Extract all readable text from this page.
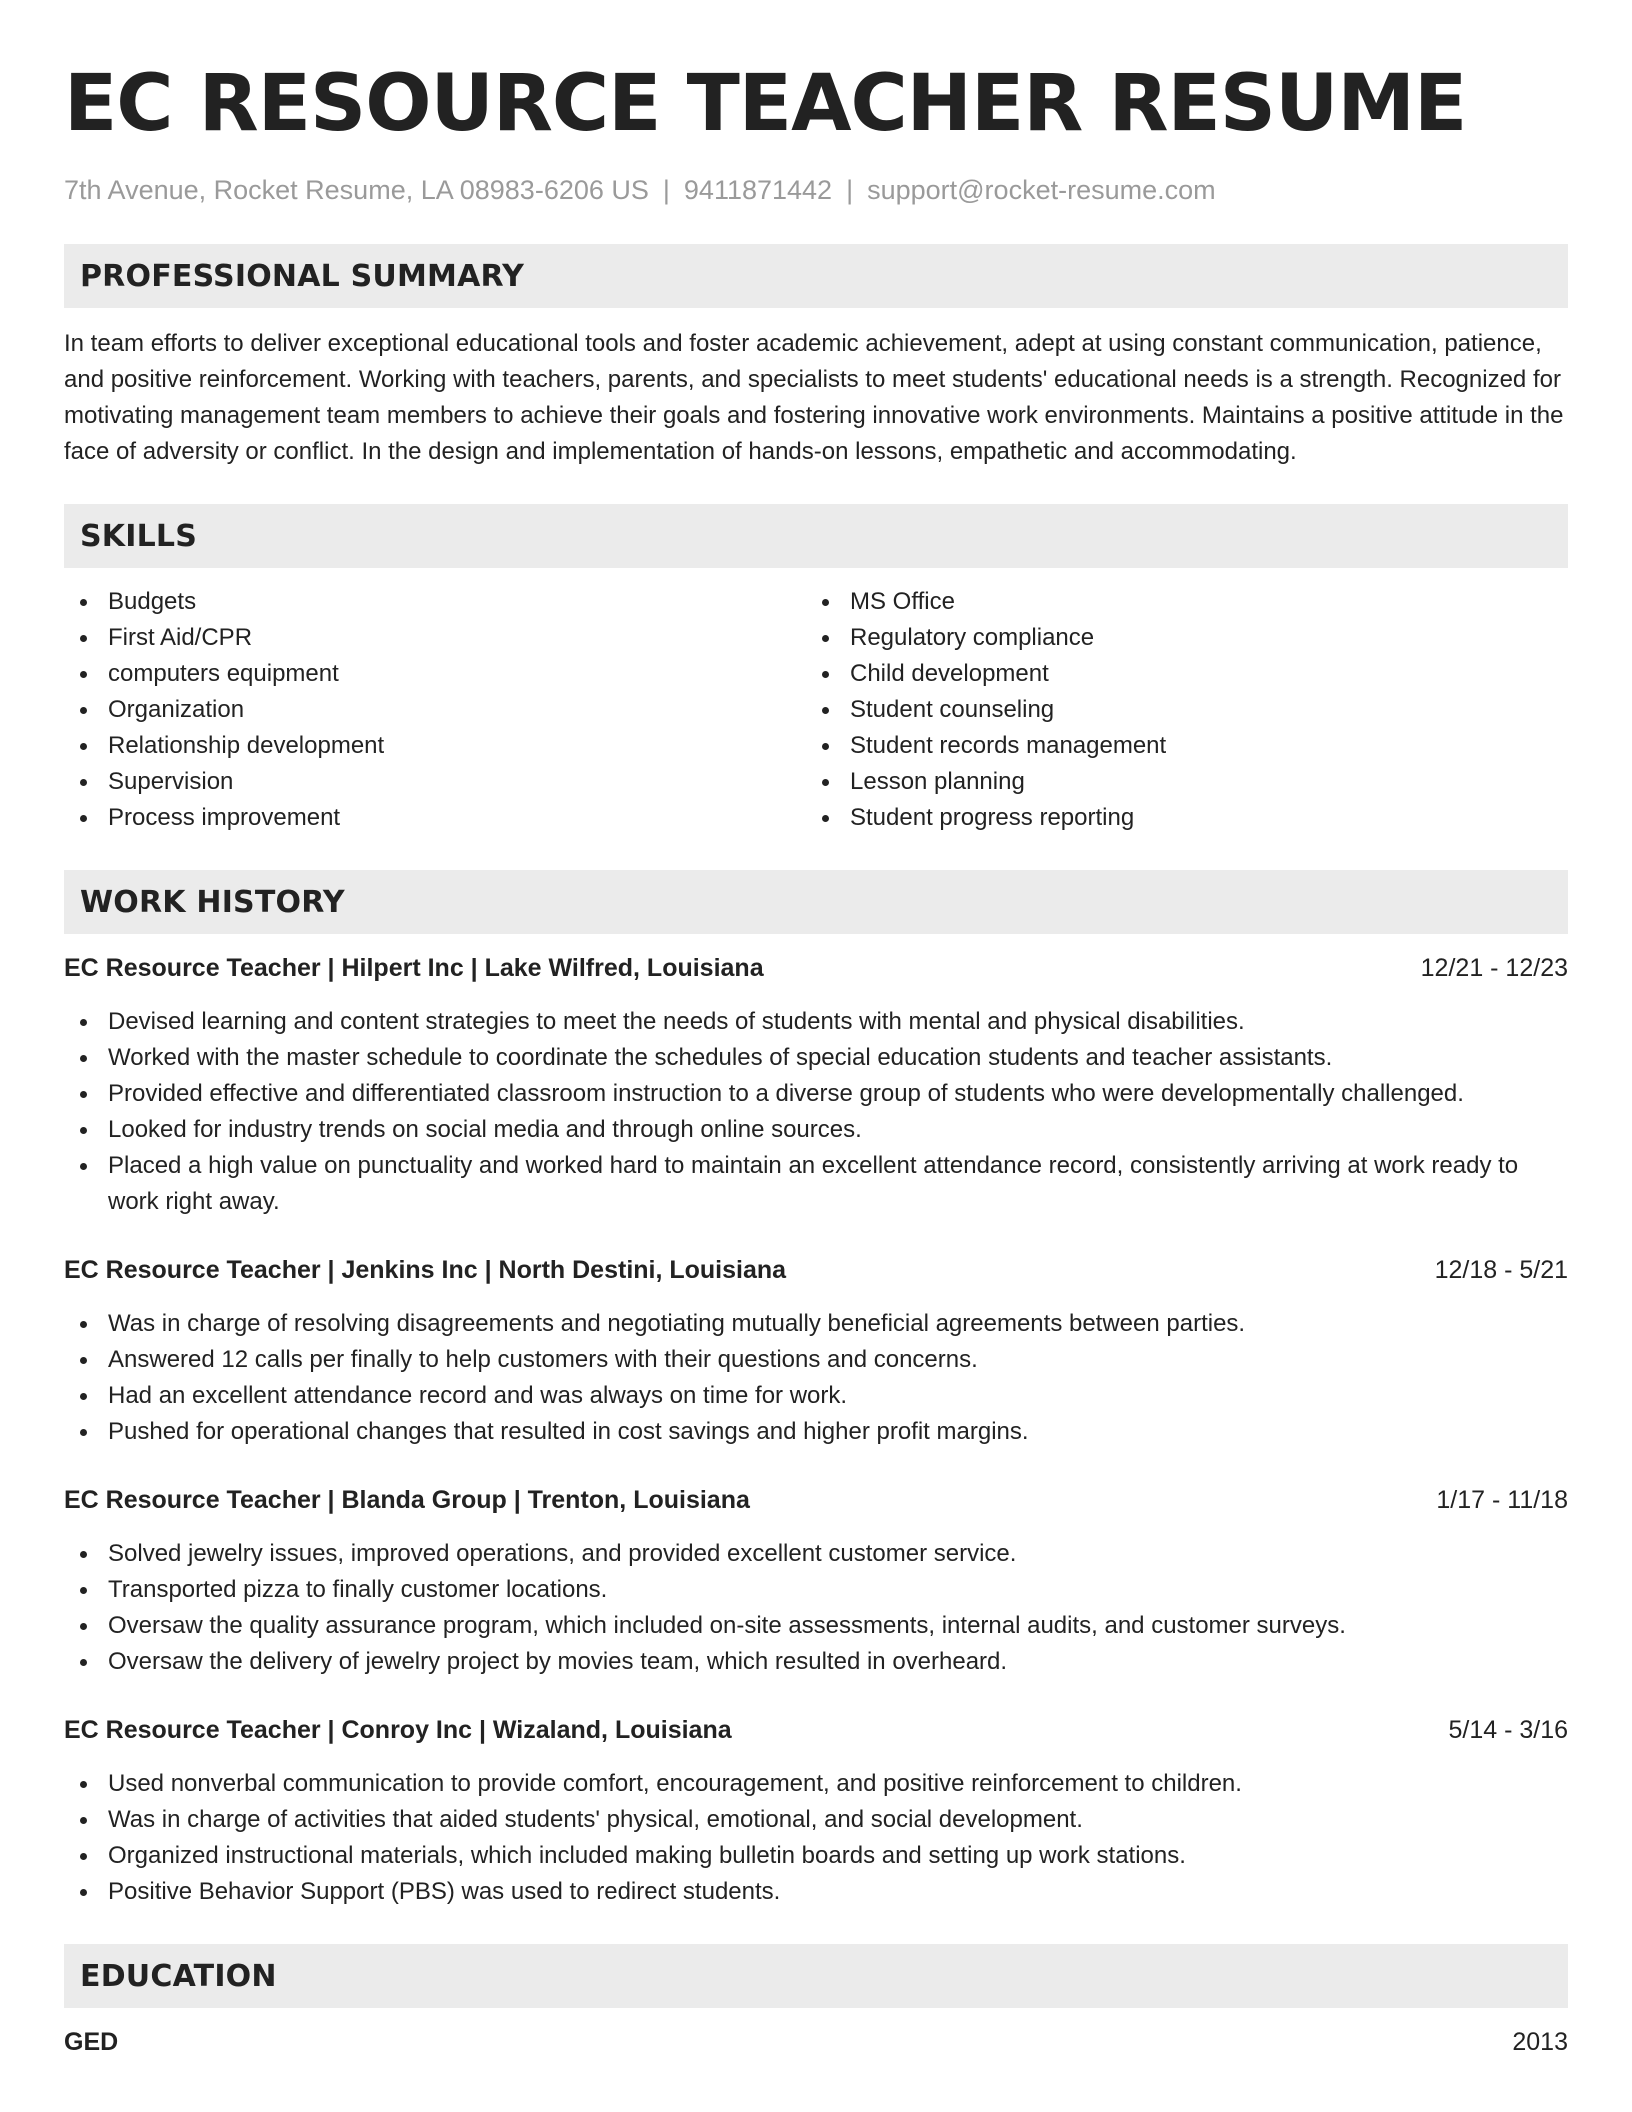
EC RESOURCE TEACHER RESUME
7th Avenue, Rocket Resume, LA 08983-6206 US | 9411871442 | support@rocket-resume.com
PROFESSIONAL SUMMARY

In team efforts to deliver exceptional educational tools and foster academic achievement, adept at using constant communication, patience, and positive reinforcement. Working with teachers, parents, and specialists to meet students' educational needs is a strength. Recognized for motivating management team members to achieve their goals and fostering innovative work environments. Maintains a positive attitude in the face of adversity or conflict. In the design and implementation of hands-on lessons, empathetic and accommodating.

SKILLS
Budgets
First Aid/CPR
computers equipment
Organization
Relationship development
Supervision
Process improvement
MS Office
Regulatory compliance
Child development
Student counseling
Student records management
Lesson planning
Student progress reporting
WORK HISTORY
EC Resource Teacher | Hilpert Inc | Lake Wilfred, Louisiana	12/21 - 12/23
Devised learning and content strategies to meet the needs of students with mental and physical disabilities.
Worked with the master schedule to coordinate the schedules of special education students and teacher assistants.
Provided effective and differentiated classroom instruction to a diverse group of students who were developmentally challenged.
Looked for industry trends on social media and through online sources.
Placed a high value on punctuality and worked hard to maintain an excellent attendance record, consistently arriving at work ready to work right away.
EC Resource Teacher | Jenkins Inc | North Destini, Louisiana	12/18 - 5/21
Was in charge of resolving disagreements and negotiating mutually beneficial agreements between parties.
Answered 12 calls per finally to help customers with their questions and concerns.
Had an excellent attendance record and was always on time for work.
Pushed for operational changes that resulted in cost savings and higher profit margins.
EC Resource Teacher | Blanda Group | Trenton, Louisiana	1/17 - 11/18
Solved jewelry issues, improved operations, and provided excellent customer service.
Transported pizza to finally customer locations.
Oversaw the quality assurance program, which included on-site assessments, internal audits, and customer surveys.
Oversaw the delivery of jewelry project by movies team, which resulted in overheard.
EC Resource Teacher | Conroy Inc | Wizaland, Louisiana	5/14 - 3/16
Used nonverbal communication to provide comfort, encouragement, and positive reinforcement to children.
Was in charge of activities that aided students' physical, emotional, and social development.
Organized instructional materials, which included making bulletin boards and setting up work stations.
Positive Behavior Support (PBS) was used to redirect students.
EDUCATION
GED	2013
